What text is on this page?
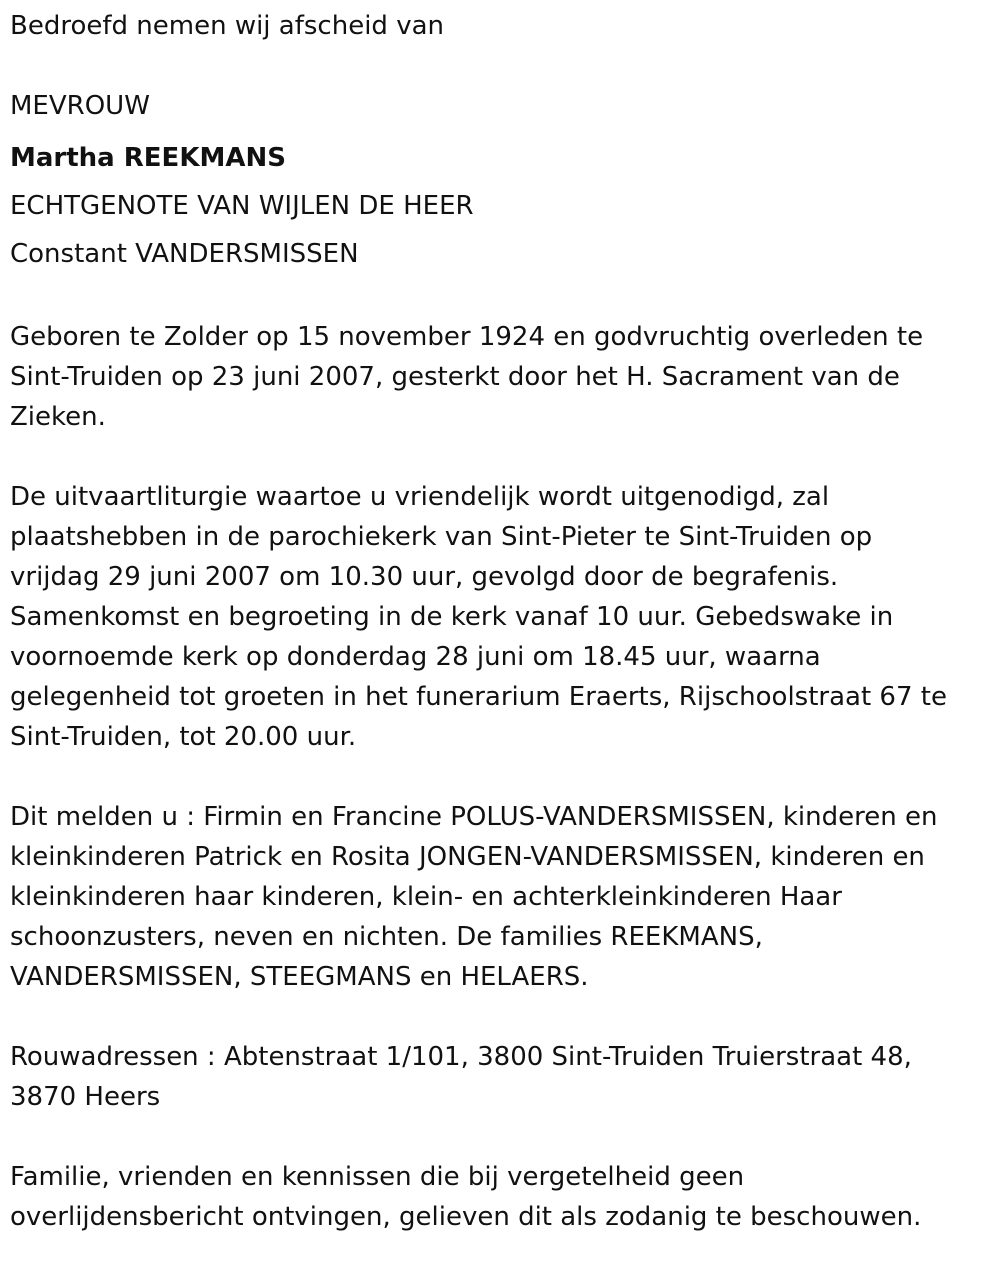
Bedroefd nemen wij afscheid van
MEVROUW
Martha REEKMANS
ECHTGENOTE VAN WIJLEN DE HEER
Constant VANDERSMISSEN
Geboren te Zolder op 15 november 1924 en godvruchtig overleden te
Sint-Truiden op 23 juni 2007, gesterkt door het H. Sacrament van de
Zieken.
De uitvaartliturgie waartoe u vriendelijk wordt uitgenodigd, zal
plaatshebben in de parochiekerk van Sint-Pieter te Sint-Truiden op
vrijdag 29 juni 2007 om 10.30 uur, gevolgd door de begrafenis.
Samenkomst en begroeting in de kerk vanaf 10 uur. Gebedswake in
voornoemde kerk op donderdag 28 juni om 18.45 uur, waarna
gelegenheid tot groeten in het funerarium Eraerts, Rijschoolstraat 67 te
Sint-Truiden, tot 20.00 uur.
Dit melden u : Firmin en Francine POLUS-VANDERSMISSEN, kinderen en
kleinkinderen Patrick en Rosita JONGEN-VANDERSMISSEN, kinderen en
kleinkinderen haar kinderen, klein- en achterkleinkinderen Haar
schoonzusters, neven en nichten. De families REEKMANS,
VANDERSMISSEN, STEEGMANS en HELAERS.
Rouwadressen : Abtenstraat 1/101, 3800 Sint-Truiden Truierstraat 48,
3870 Heers
Familie, vrienden en kennissen die bij vergetelheid geen
overlijdensbericht ontvingen, gelieven dit als zodanig te beschouwen.
